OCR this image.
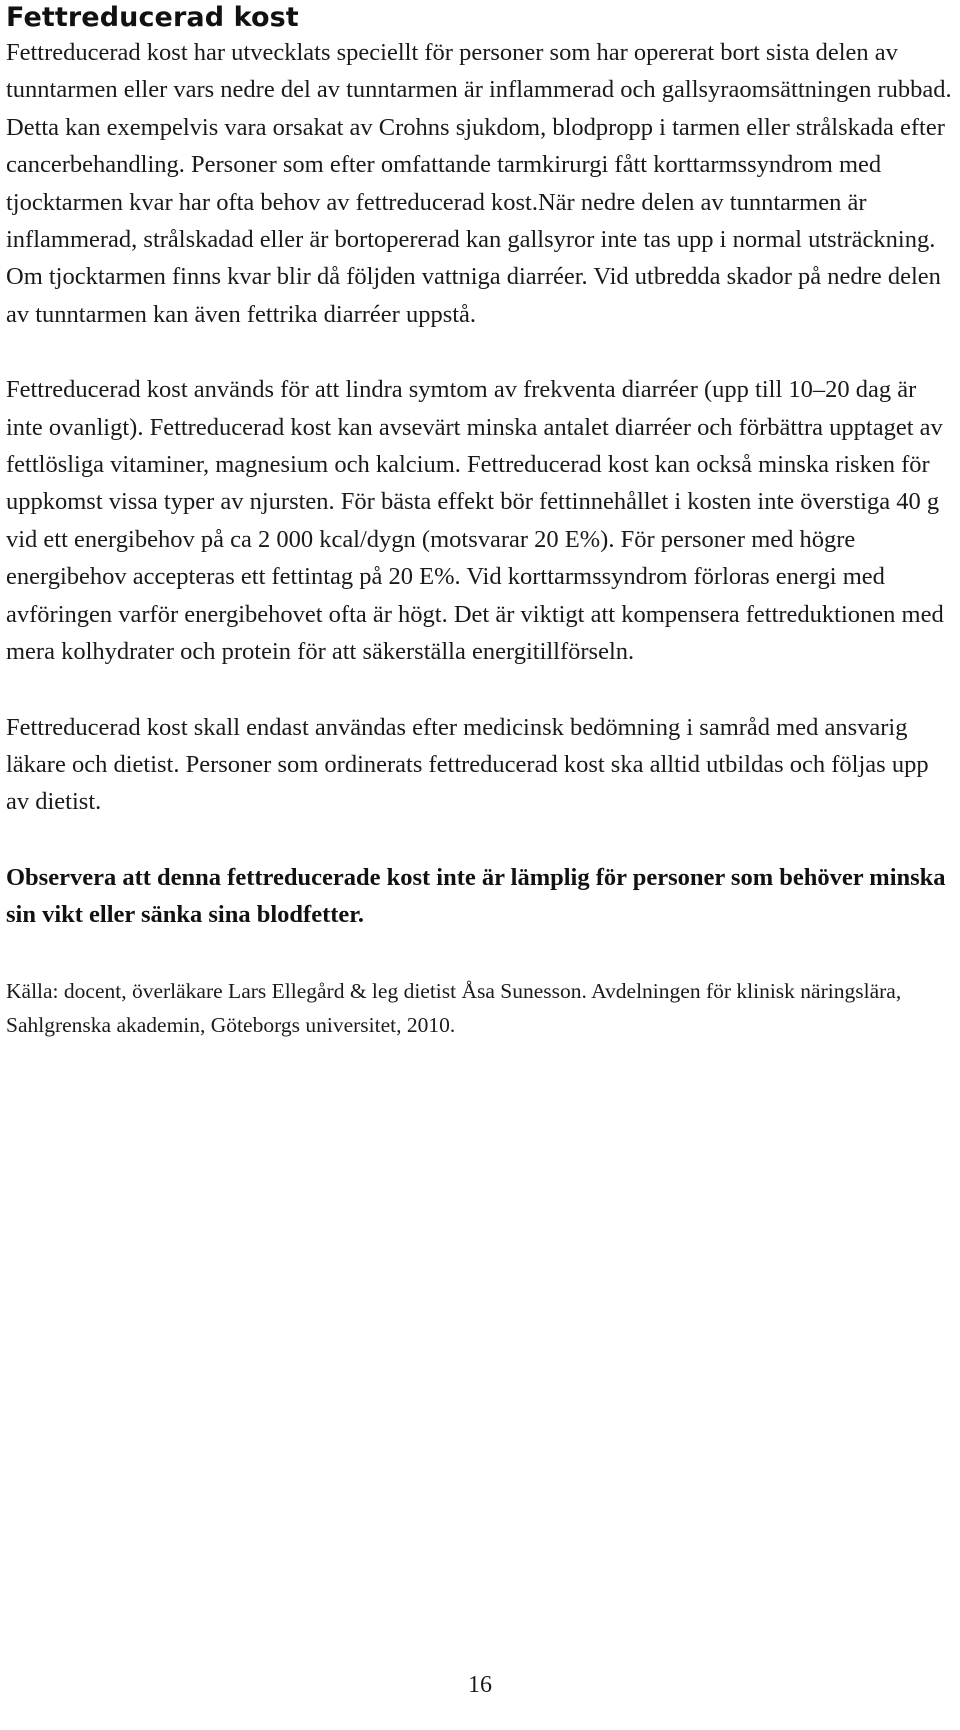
Fettreducerad kost

Fettreducerad kost har utvecklats speciellt för personer som har opererat bort sista delen av tunntarmen eller vars nedre del av tunntarmen är inflammerad och gallsyraomsättningen rubbad. Detta kan exempelvis vara orsakat av Crohns sjukdom, blodpropp i tarmen eller strålskada efter cancerbehandling. Personer som efter omfattande tarmkirurgi fått korttarmssyndrom med tjocktarmen kvar har ofta behov av fettreducerad kost.När nedre delen av tunntarmen är inflammerad, strålskadad eller är bortopererad kan gallsyror inte tas upp i normal utsträckning. Om tjocktarmen finns kvar blir då följden vattniga diarréer. Vid utbredda skador på nedre delen av tunntarmen kan även fettrika diarréer uppstå.

Fettreducerad kost används för att lindra symtom av frekventa diarréer (upp till 10–20 dag är inte ovanligt). Fettreducerad kost kan avsevärt minska antalet diarréer och förbättra upptaget av fettlösliga vitaminer, magnesium och kalcium. Fettreducerad kost kan också minska risken för uppkomst vissa typer av njursten. För bästa effekt bör fettinnehållet i kosten inte överstiga 40 g vid ett energibehov på ca 2 000 kcal/dygn (motsvarar 20 E%). För personer med högre energibehov accepteras ett fettintag på 20 E%. Vid korttarmssyndrom förloras energi med avföringen varför energibehovet ofta är högt. Det är viktigt att kompensera fettreduktionen med mera kolhydrater och protein för att säkerställa energitillförseln.

Fettreducerad kost skall endast användas efter medicinsk bedömning i samråd med ansvarig läkare och dietist. Personer som ordinerats fettreducerad kost ska alltid utbildas och följas upp av dietist.

Observera att denna fettreducerade kost inte är lämplig för personer som behöver minska sin vikt eller sänka sina blodfetter.

Källa: docent, överläkare Lars Ellegård & leg dietist Åsa Sunesson. Avdelningen för klinisk näringslära, Sahlgrenska akademin, Göteborgs universitet, 2010.

16
